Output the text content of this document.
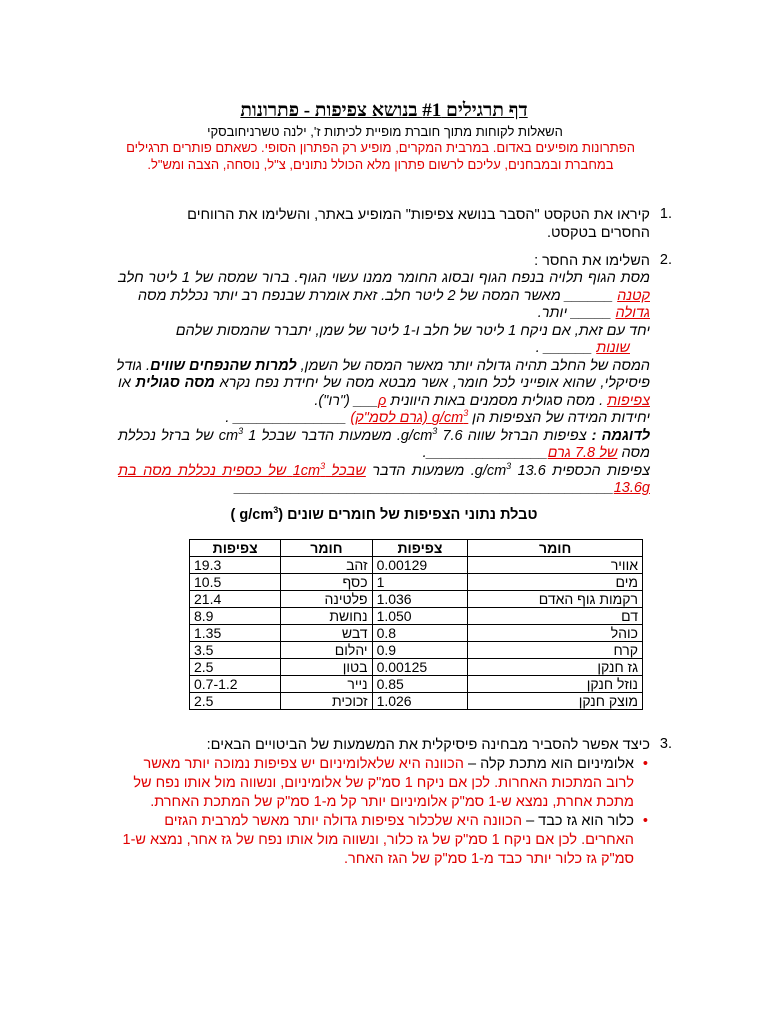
דף תרגילים #1 בנושא צפיפות - פתרונות
השאלות לקוחות מתוך חוברת מופיית לכיתות ז', ילנה טשרניחובסקי
הפתרונות מופיעים באדום. במרבית המקרים, מופיע רק הפתרון הסופי. כשאתם פותרים תרגילים במחברת ובמבחנים, עליכם לרשום פתרון מלא הכולל נתונים, צ"ל, נוסחה, הצבה ומש"ל.
1.
קיראו את הטקסט "הסבר בנושא צפיפות" המופיע באתר, והשלימו את הרווחים
החסרים בטקסט.
2.
השלימו את החסר :
מסת הגוף תלויה בנפח הגוף ובסוג החומר ממנו עשוי הגוף. ברור שמסה של 1 ליטר חלב
קטנה ______ מאשר המסה של 2 ליטר חלב. זאת אומרת שבנפח רב יותר נכללת מסה
גדולה _____ יותר.
יחד עם זאת, אם ניקח 1 ליטר של חלב ו-1 ליטר של שמן, יתברר שהמסות שלהם
שונות ______ .
המסה של החלב תהיה גדולה יותר מאשר המסה של השמן, למרות שהנפחים שווים. גודל
פיסיקלי, שהוא אופייני לכל חומר, אשר מבטא מסה של יחידת נפח נקרא מסה סגולית או
צפיפות . מסה סגולית מסמנים באות היוונית ρ___ ("רו").
יחידות המידה של הצפיפות הן $g/cm^3$ (גרם לסמ"ק) ______________ .
לדוגמה : צפיפות הברזל שווה 7.6 $g/cm^3$. משמעות הדבר שבכל 1 $cm^3$ של ברזל נכללת
מסה של 7.8 גרם_______________.
צפיפות הכספית 13.6 $g/cm^3$. משמעות הדבר שבכל $1cm^3$ של כספית נכללת מסה בת
13.6g_______________________________________________
טבלת נתוני הצפיפות של חומרים שונים ( $g/cm^3$)
חומר	צפיפות	חומר	צפיפות
אוויר	0.00129	זהב	19.3
מים	1	כסף	10.5
רקמות גוף האדם	1.036	פלטינה	21.4
דם	1.050	נחושת	8.9
כוהל	0.8	דבש	1.35
קרח	0.9	יהלום	3.5
גז חנקן	0.00125	בטון	2.5
נוזל חנקן	0.85	נייר	0.7-1.2
מוצק חנקן	1.026	זכוכית	2.5
3.
כיצד אפשר להסביר מבחינה פיסיקלית את המשמעות של הביטויים הבאים:
• אלומיניום הוא מתכת קלה – הכוונה היא שלאלומיניום יש צפיפות נמוכה יותר מאשר לרוב המתכות האחרות. לכן אם ניקח 1 סמ"ק של אלומיניום, ונשווה מול אותו נפח של מתכת אחרת, נמצא ש-1 סמ"ק אלומיניום יותר קל מ-1 סמ"ק של המתכת האחרת.
• כלור הוא גז כבד – הכוונה היא שלכלור צפיפות גדולה יותר מאשר למרבית הגזים האחרים. לכן אם ניקח 1 סמ"ק של גז כלור, ונשווה מול אותו נפח של גז אחר, נמצא ש-1 סמ"ק גז כלור יותר כבד מ-1 סמ"ק של הגז האחר.
